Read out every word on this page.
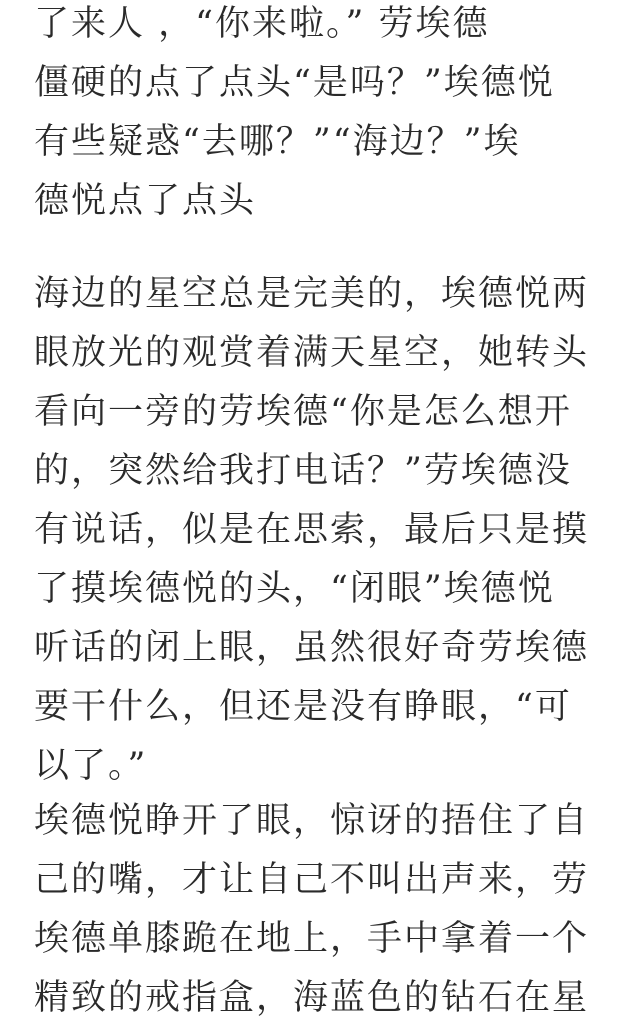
了来人 ，“你来啦。” 劳埃德
僵硬的点了点头“是吗？”埃德悦
有些疑惑“去哪？”“海边？”埃
德悦点了点头
海边的星空总是完美的，埃德悦两
眼放光的观赏着满天星空，她转头
看向一旁的劳埃德“你是怎么想开
的，突然给我打电话？”劳埃德没
有说话，似是在思索，最后只是摸
了摸埃德悦的头，“闭眼”埃德悦
听话的闭上眼，虽然很好奇劳埃德
要干什么，但还是没有睁眼，“可
以了。”
埃德悦睁开了眼，惊讶的捂住了自
己的嘴，才让自己不叫出声来，劳
埃德单膝跪在地上，手中拿着一个
精致的戒指盒，海蓝色的钻石在星
